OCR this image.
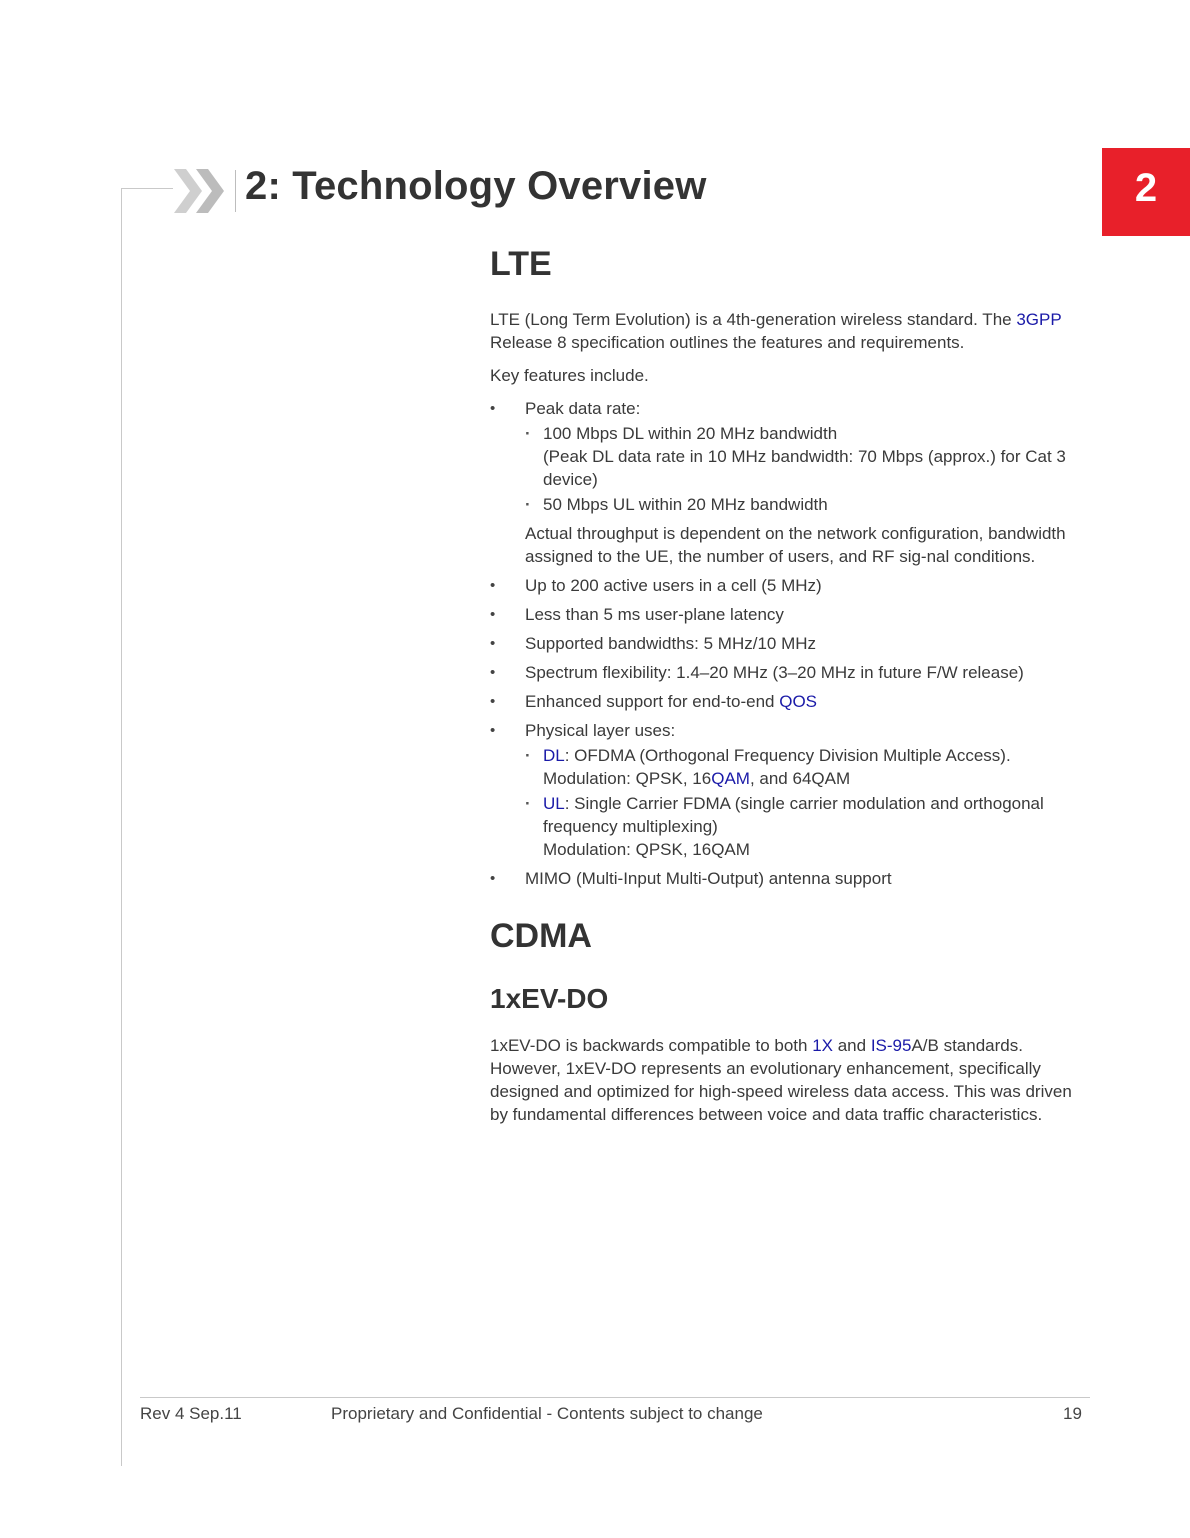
2: Technology Overview	2
LTE

LTE (Long Term Evolution) is a 4th-generation wireless standard. The 3GPP Release 8 specification outlines the features and requirements.

Key features include.

• Peak data rate:
· 100 Mbps DL within 20 MHz bandwidth
(Peak DL data rate in 10 MHz bandwidth: 70 Mbps (approx.) for Cat 3 device)
· 50 Mbps UL within 20 MHz bandwidth
Actual throughput is dependent on the network configuration, bandwidth assigned to the UE, the number of users, and RF sig-nal conditions.
• Up to 200 active users in a cell (5 MHz)
• Less than 5 ms user-plane latency
• Supported bandwidths: 5 MHz/10 MHz
• Spectrum flexibility: 1.4–20 MHz (3–20 MHz in future F/W release)
• Enhanced support for end-to-end QOS
• Physical layer uses:
· DL: OFDMA (Orthogonal Frequency Division Multiple Access).
Modulation: QPSK, 16QAM, and 64QAM
· UL: Single Carrier FDMA (single carrier modulation and orthogonal frequency multiplexing)
Modulation: QPSK, 16QAM
• MIMO (Multi-Input Multi-Output) antenna support
CDMA
1xEV-DO

1xEV-DO is backwards compatible to both 1X and IS-95A/B standards. However, 1xEV-DO represents an evolutionary enhancement, specifically designed and optimized for high-speed wireless data access. This was driven by fundamental differences between voice and data traffic characteristics.

Rev 4 Sep.11	Proprietary and Confidential - Contents subject to change	19
